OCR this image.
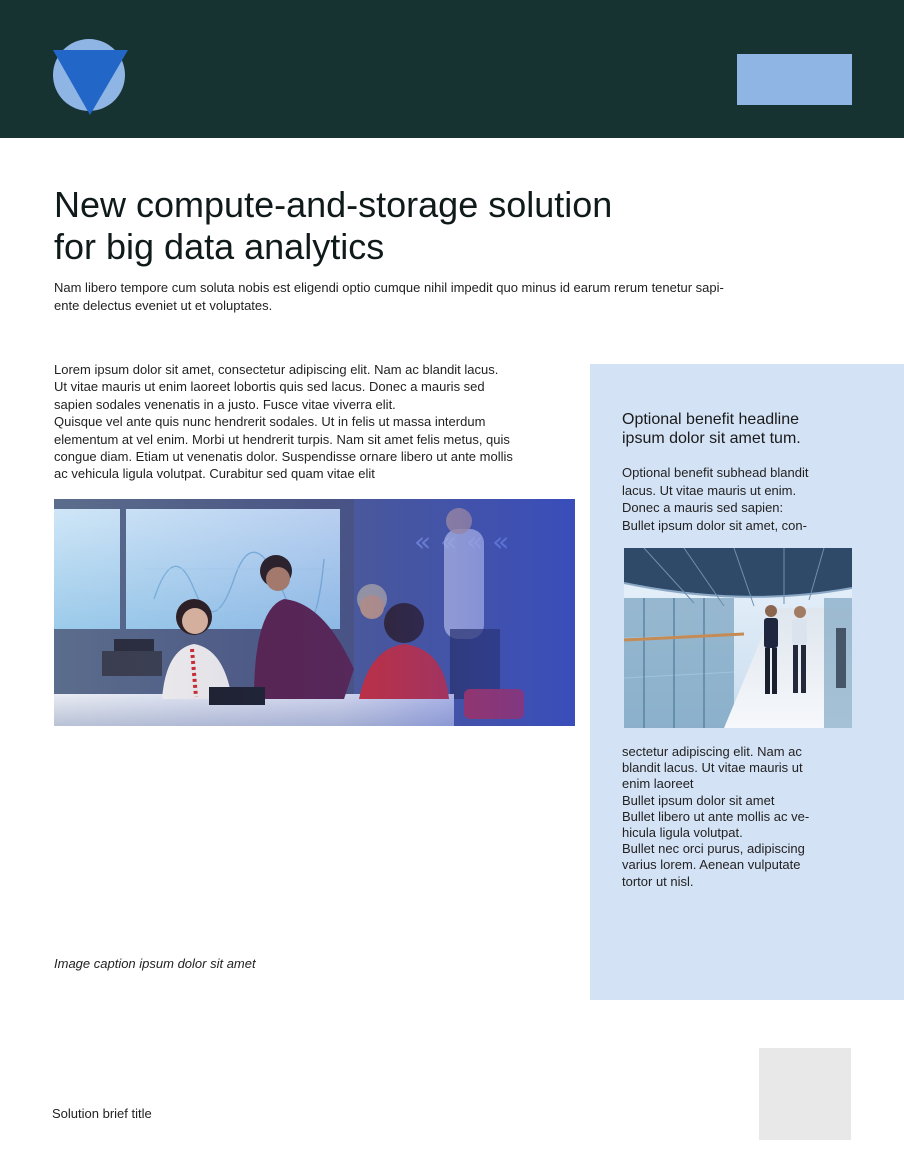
New compute-and-storage solution
for big data analytics
Nam libero tempore cum soluta nobis est eligendi optio cumque nihil impedit quo minus id earum rerum tenetur sapi-
ente delectus eveniet ut et voluptates.
Lorem ipsum dolor sit amet, consectetur adipiscing elit. Nam ac blandit lacus.
Ut vitae mauris ut enim laoreet lobortis quis sed lacus. Donec a mauris sed
sapien sodales venenatis in a justo. Fusce vitae viverra elit.
Quisque vel ante quis nunc hendrerit sodales. Ut in felis ut massa interdum
elementum at vel enim. Morbi ut hendrerit turpis. Nam sit amet felis metus, quis
congue diam. Etiam ut venenatis dolor. Suspendisse ornare libero ut ante mollis
ac vehicula ligula volutpat. Curabitur sed quam vitae elit
Image caption ipsum dolor sit amet
Optional benefit headline
ipsum dolor sit amet tum.
Optional benefit subhead blandit
lacus. Ut vitae mauris ut enim.
Donec a mauris sed sapien:
Bullet ipsum dolor sit amet, con-
sectetur adipiscing elit. Nam ac
blandit lacus. Ut vitae mauris ut
enim laoreet
Bullet ipsum dolor sit amet
Bullet libero ut ante mollis ac ve-
hicula ligula volutpat.
Bullet nec orci purus, adipiscing
varius lorem. Aenean vulputate
tortor ut nisl.
Solution brief title
